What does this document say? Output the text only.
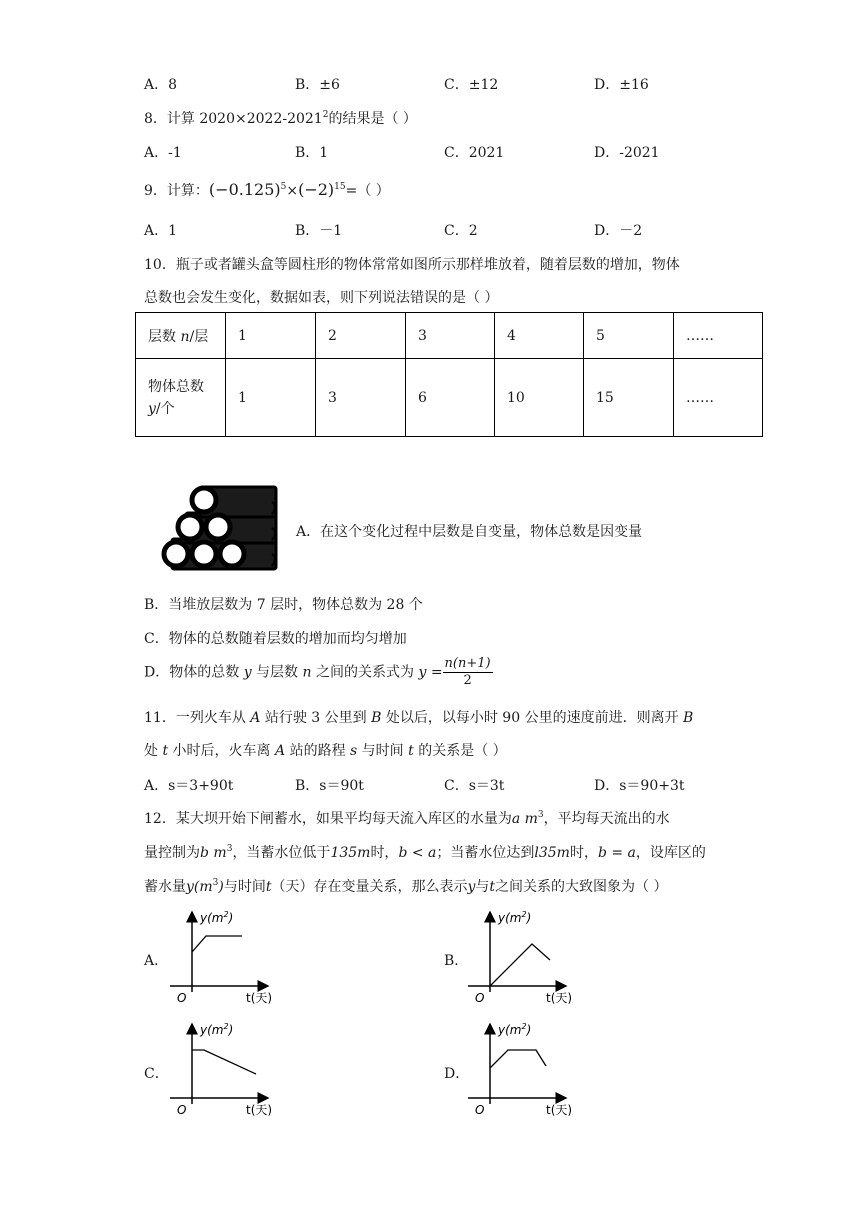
A．8	B．±6	C．±12	D．±16
8．计算 $2020\times 2022-2021^2$的结果是（ ）
A．-1	B．1	C．2021	D．-2021
9．计算：$(-0.125)^5\times(-2)^{15}=$（ ）
A．1	B．－1	C．2	D．－2
10．瓶子或者罐头盒等圆柱形的物体常常如图所示那样堆放着，随着层数的增加，物体
总数也会发生变化，数据如表，则下列说法错误的是（ ）
层数 n/层	1	2	3	4	5	……
物体总数
y/个	1	3	6	10	15	……
A．在这个变化过程中层数是自变量，物体总数是因变量
B．当堆放层数为 7 层时，物体总数为 28 个
C．物体的总数随着层数的增加而均匀增加
D．物体的总数 y 与层数 n 之间的关系式为 $y = \frac{n(n+1)}{2}$
11．一列火车从 A 站行驶 3 公里到 B 处以后，以每小时 90 公里的速度前进．则离开 B
处 t 小时后，火车离 A 站的路程 s 与时间 t 的关系是（ ）
A．s＝3+90t	B．s＝90t	C．s＝3t	D．s＝90+3t
12．某大坝开始下闸蓄水，如果平均每天流入库区的水量为a $m^3$，平均每天流出的水
量控制为b $m^3$，当蓄水位低于135m时，b < a；当蓄水位达到l35m时，b = a，设库区的
蓄水量$y(m^3)$与时间t（天）存在变量关系，那么表示y与t之间关系的大致图象为（ ）
A．
$y(m^2)$
O	t(天)
B．
$y(m^2)$
O	t(天)
C．
$y(m^2)$
O	t(天)
D．
$y(m^2)$
O	t(天)
